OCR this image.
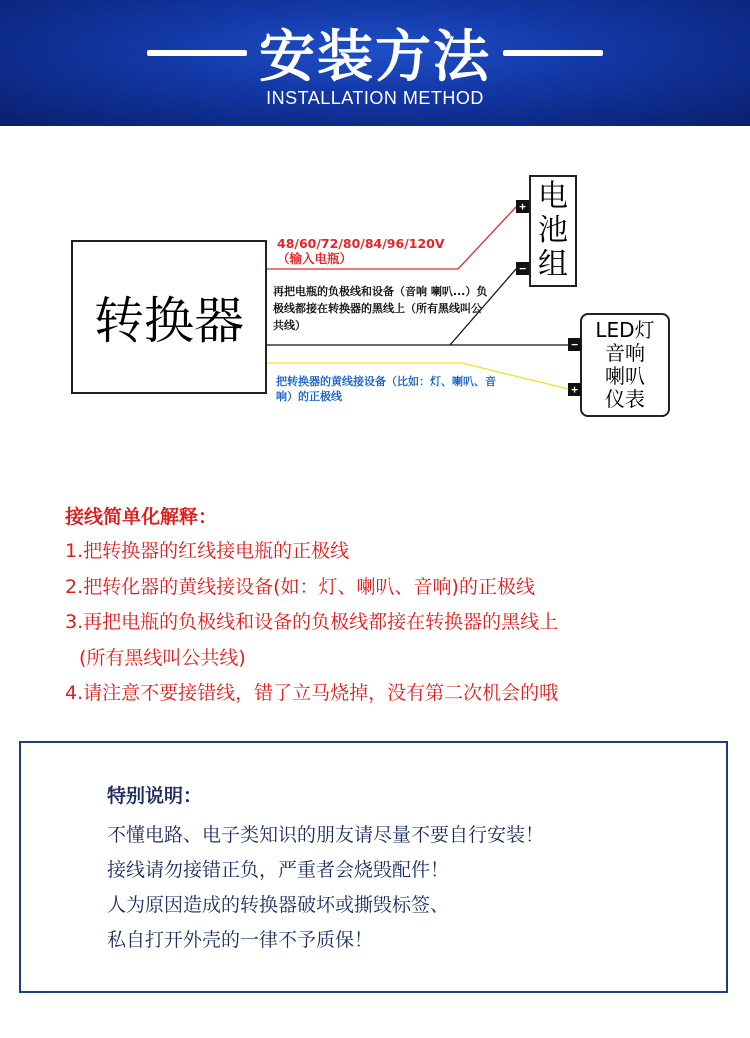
安装方法
INSTALLATION METHOD
转换器
电
池
组
+
−
LED灯
音响
喇叭
仪表
−
+
48/60/72/80/84/96/120V
（输入电瓶）
再把电瓶的负极线和设备（音响 喇叭...）负极线都接在转换器的黑线上（所有黑线叫公共线）
把转换器的黄线接设备（比如：灯、喇叭、音响）的正极线
接线简单化解释：
1.把转换器的红线接电瓶的正极线
2.把转化器的黄线接设备(如：灯、喇叭、音响)的正极线
3.再把电瓶的负极线和设备的负极线都接在转换器的黑线上
(所有黑线叫公共线)
4.请注意不要接错线，错了立马烧掉，没有第二次机会的哦
特别说明：
不懂电路、电子类知识的朋友请尽量不要自行安装！
接线请勿接错正负，严重者会烧毁配件！
人为原因造成的转换器破坏或撕毁标签、
私自打开外壳的一律不予质保！
